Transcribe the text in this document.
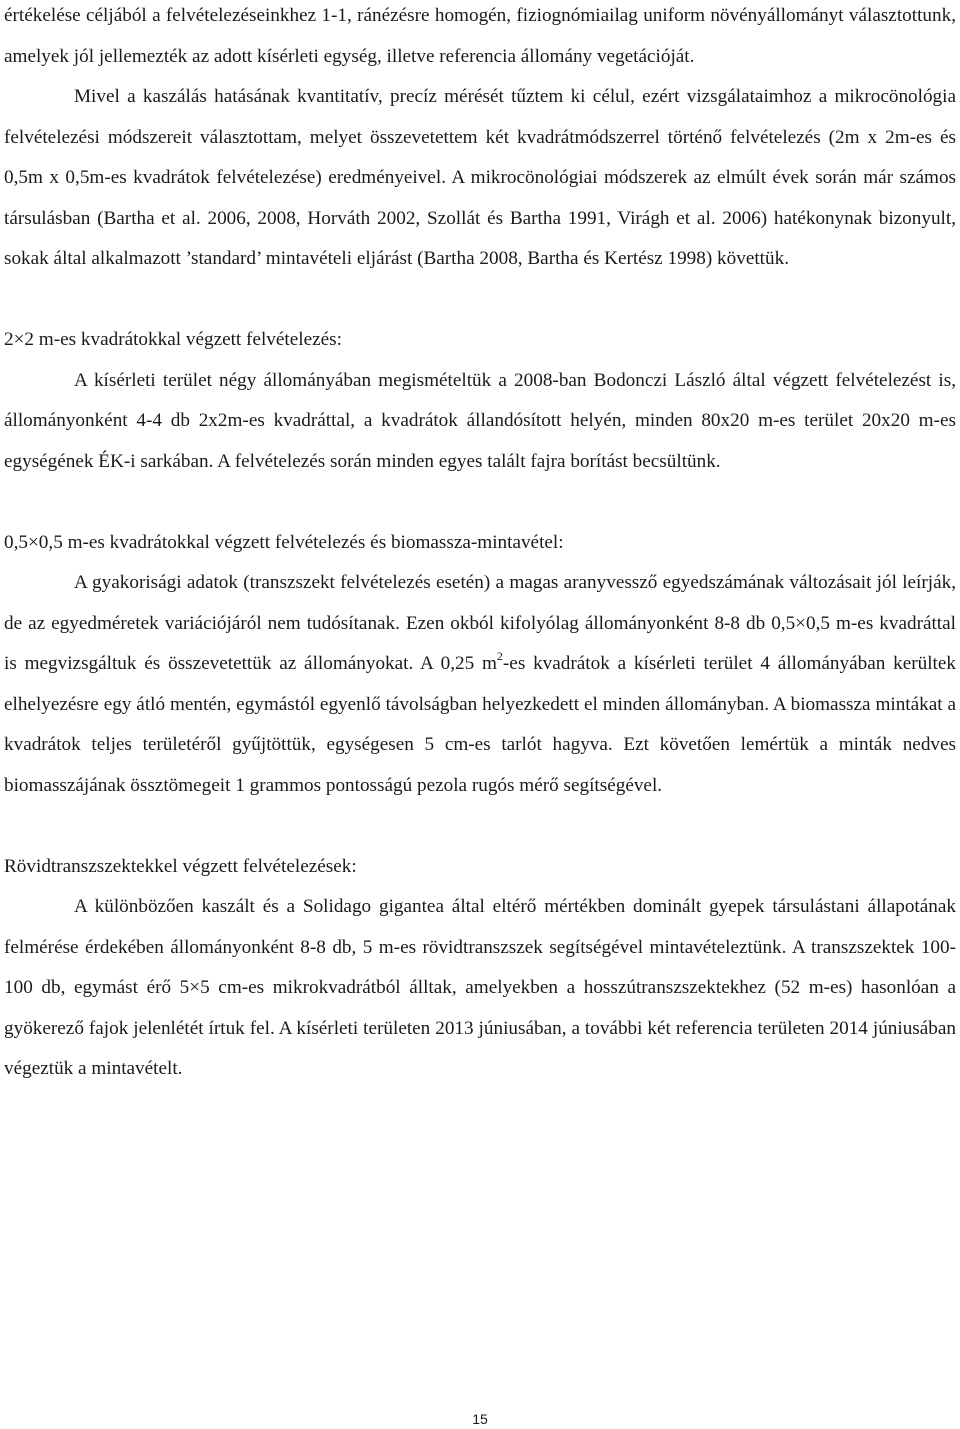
értékelése céljából a felvételezéseinkhez 1-1, ránézésre homogén, fiziognómiailag uniform növényállományt választottunk, amelyek jól jellemezték az adott kísérleti egység, illetve referencia állomány vegetációját.

Mivel a kaszálás hatásának kvantitatív, precíz mérését tűztem ki célul, ezért vizsgálataimhoz a mikrocönológia felvételezési módszereit választottam, melyet összevetettem két kvadrátmódszerrel történő felvételezés (2m x 2m-es és 0,5m x 0,5m-es kvadrátok felvételezése) eredményeivel. A mikrocönológiai módszerek az elmúlt évek során már számos társulásban (Bartha et al. 2006, 2008, Horváth 2002, Szollát és Bartha 1991, Virágh et al. 2006) hatékonynak bizonyult, sokak által alkalmazott ’standard’ mintavételi eljárást (Bartha 2008, Bartha és Kertész 1998) követtük.

2×2 m-es kvadrátokkal végzett felvételezés:

A kísérleti terület négy állományában megismételtük a 2008-ban Bodonczi László által végzett felvételezést is, állományonként 4-4 db 2x2m-es kvadráttal, a kvadrátok állandósított helyén, minden 80x20 m-es terület 20x20 m-es egységének ÉK-i sarkában. A felvételezés során minden egyes talált fajra borítást becsültünk.

0,5×0,5 m-es kvadrátokkal végzett felvételezés és biomassza-mintavétel:

A gyakorisági adatok (transzszekt felvételezés esetén) a magas aranyvessző egyedszámának változásait jól leírják, de az egyedméretek variációjáról nem tudósítanak. Ezen okból kifolyólag állományonként 8-8 db 0,5×0,5 m-es kvadráttal is megvizsgáltuk és összevetettük az állományokat. A 0,25 $m^2-es$ kvadrátok a kísérleti terület 4 állományában kerültek elhelyezésre egy átló mentén, egymástól egyenlő távolságban helyezkedett el minden állományban. A biomassza mintákat a kvadrátok teljes területéről gyűjtöttük, egységesen 5 cm-es tarlót hagyva. Ezt követően lemértük a minták nedves biomasszájának össztömegeit 1 grammos pontosságú pezola rugós mérő segítségével.

Rövidtranszszektekkel végzett felvételezések:

A különbözően kaszált és a Solidago gigantea által eltérő mértékben dominált gyepek társulástani állapotának felmérése érdekében állományonként 8-8 db, 5 m-es rövidtranszszek segítségével mintavételeztünk. A transzszektek 100-100 db, egymást érő 5×5 cm-es mikrokvadrátból álltak, amelyekben a hosszútranszszektekhez (52 m-es) hasonlóan a gyökerező fajok jelenlétét írtuk fel. A kísérleti területen 2013 júniusában, a további két referencia területen 2014 júniusában végeztük a mintavételt.

15
